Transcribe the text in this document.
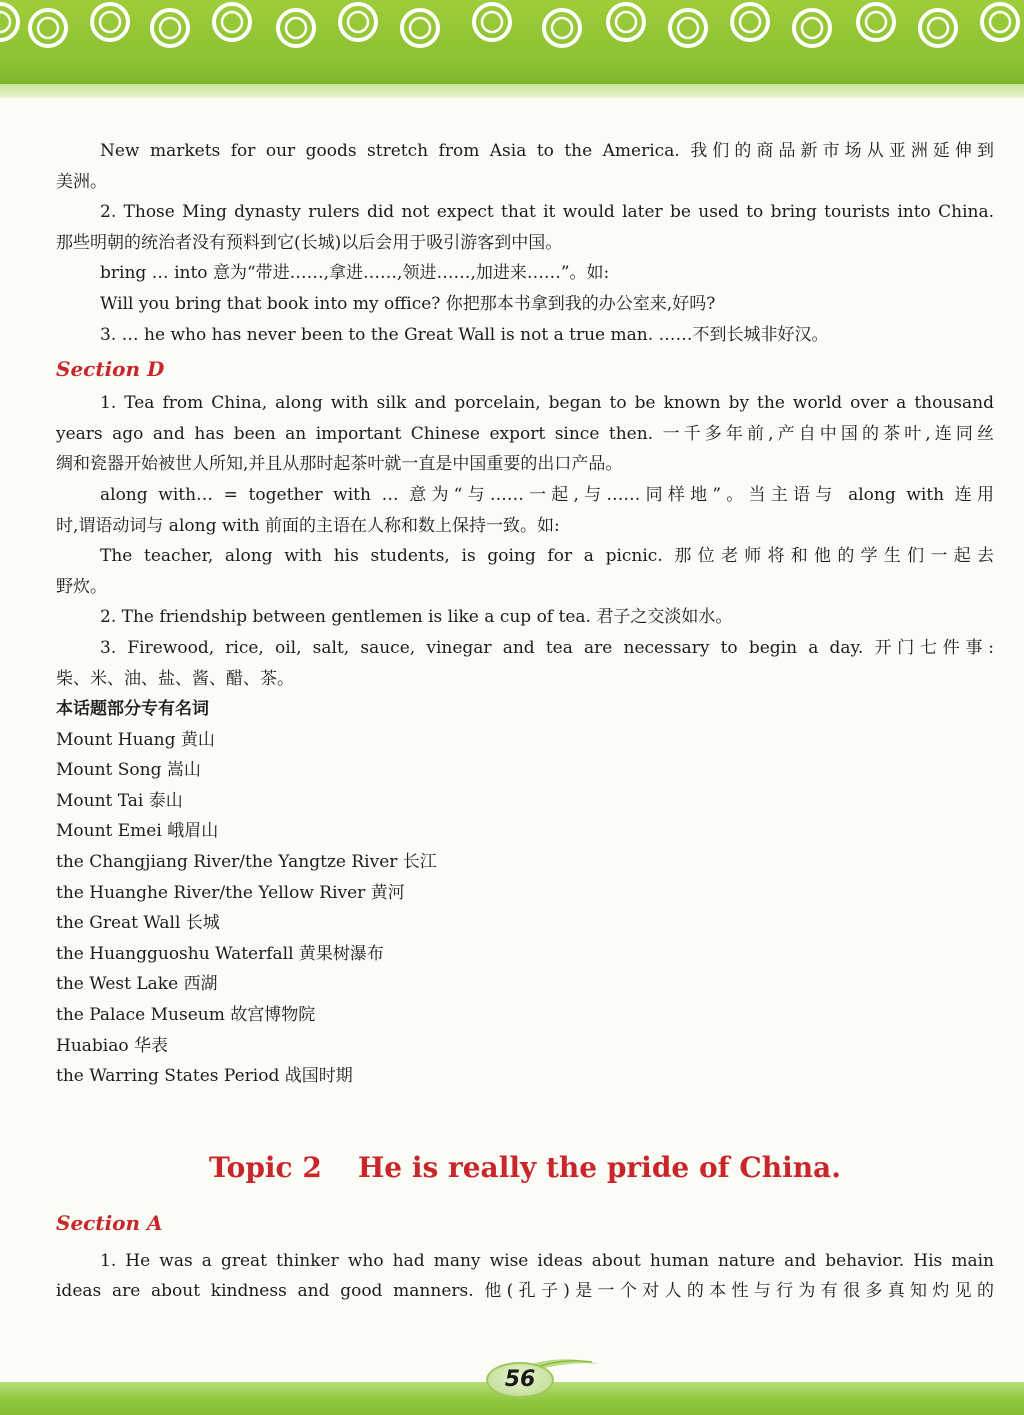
New markets for our goods stretch from Asia to the America. 我们的商品新市场从亚洲延伸到
美洲。
2. Those Ming dynasty rulers did not expect that it would later be used to bring tourists into China.
那些明朝的统治者没有预料到它(长城)以后会用于吸引游客到中国。
bring … into 意为“带进……,拿进……,领进……,加进来……”。如:
Will you bring that book into my office? 你把那本书拿到我的办公室来,好吗?
3. … he who has never been to the Great Wall is not a true man. ……不到长城非好汉。
Section D
1. Tea from China, along with silk and porcelain, began to be known by the world over a thousand
years ago and has been an important Chinese export since then. 一千多年前,产自中国的茶叶,连同丝
绸和瓷器开始被世人所知,并且从那时起茶叶就一直是中国重要的出口产品。
along with… = together with … 意为“与……一起,与……同样地”。当主语与 along with 连用
时,谓语动词与 along with 前面的主语在人称和数上保持一致。如:
The teacher, along with his students, is going for a picnic. 那位老师将和他的学生们一起去
野炊。
2. The friendship between gentlemen is like a cup of tea. 君子之交淡如水。
3. Firewood, rice, oil, salt, sauce, vinegar and tea are necessary to begin a day. 开门七件事:
柴、米、油、盐、酱、醋、茶。
本话题部分专有名词
Mount Huang 黄山
Mount Song 嵩山
Mount Tai 泰山
Mount Emei 峨眉山
the Changjiang River/the Yangtze River 长江
the Huanghe River/the Yellow River 黄河
the Great Wall 长城
the Huangguoshu Waterfall 黄果树瀑布
the West Lake 西湖
the Palace Museum 故宫博物院
Huabiao 华表
the Warring States Period 战国时期
Topic 2 He is really the pride of China.
Section A
1. He was a great thinker who had many wise ideas about human nature and behavior. His main
ideas are about kindness and good manners. 他(孔子)是一个对人的本性与行为有很多真知灼见的
56
